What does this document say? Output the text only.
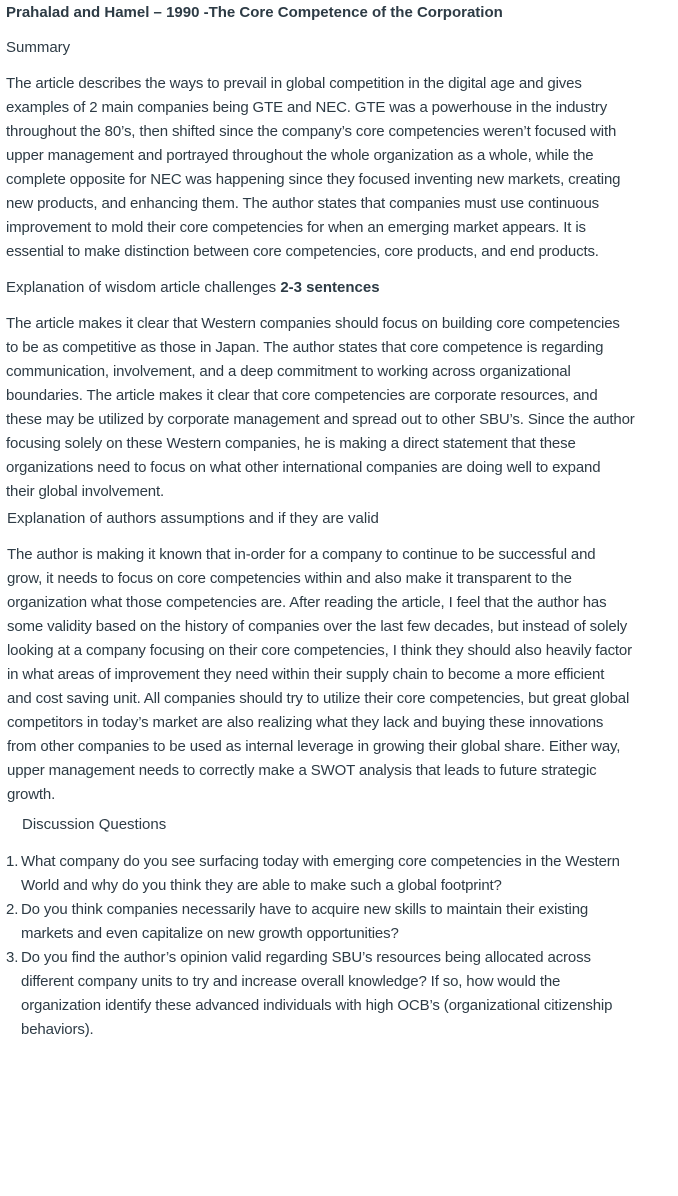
Prahalad and Hamel – 1990 -The Core Competence of the Corporation

Summary

The article describes the ways to prevail in global competition in the digital age and gives
examples of 2 main companies being GTE and NEC. GTE was a powerhouse in the industry
throughout the 80’s, then shifted since the company’s core competencies weren’t focused with
upper management and portrayed throughout the whole organization as a whole, while the
complete opposite for NEC was happening since they focused inventing new markets, creating
new products, and enhancing them. The author states that companies must use continuous
improvement to mold their core competencies for when an emerging market appears. It is
essential to make distinction between core competencies, core products, and end products.

Explanation of wisdom article challenges 2-3 sentences

The article makes it clear that Western companies should focus on building core competencies
to be as competitive as those in Japan. The author states that core competence is regarding
communication, involvement, and a deep commitment to working across organizational
boundaries. The article makes it clear that core competencies are corporate resources, and
these may be utilized by corporate management and spread out to other SBU’s. Since the author
focusing solely on these Western companies, he is making a direct statement that these
organizations need to focus on what other international companies are doing well to expand
their global involvement.

Explanation of authors assumptions and if they are valid

The author is making it known that in-order for a company to continue to be successful and
grow, it needs to focus on core competencies within and also make it transparent to the
organization what those competencies are. After reading the article, I feel that the author has
some validity based on the history of companies over the last few decades, but instead of solely
looking at a company focusing on their core competencies, I think they should also heavily factor
in what areas of improvement they need within their supply chain to become a more efficient
and cost saving unit. All companies should try to utilize their core competencies, but great global
competitors in today’s market are also realizing what they lack and buying these innovations
from other companies to be used as internal leverage in growing their global share. Either way,
upper management needs to correctly make a SWOT analysis that leads to future strategic
growth.

Discussion Questions

1. What company do you see surfacing today with emerging core competencies in the Western
World and why do you think they are able to make such a global footprint?
2. Do you think companies necessarily have to acquire new skills to maintain their existing
markets and even capitalize on new growth opportunities?
3. Do you find the author’s opinion valid regarding SBU’s resources being allocated across
different company units to try and increase overall knowledge? If so, how would the
organization identify these advanced individuals with high OCB’s (organizational citizenship
behaviors).
